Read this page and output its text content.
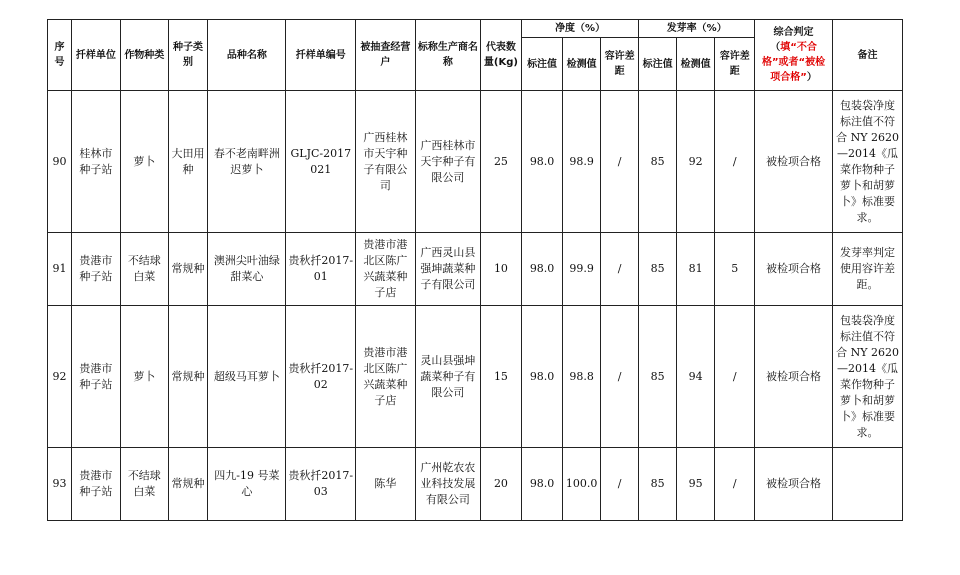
序号	扦样单位	作物种类	种子类别	品种名称	扦样单编号	被抽查经营户	标称生产商名称	代表数量(Kg)	净度（%）			发芽率（%）			综合判定（填“不合格”或者“被检项合格”）	备注
									标注值	检测值	容许差距	标注值	检测值	容许差距		
90	桂林市种子站	萝卜	大田用种	春不老南畔洲迟萝卜	GLJC-2017021	广西桂林市天宇种子有限公司	广西桂林市天宇种子有限公司	25	98.0	98.9	/	85	92	/	被检项合格	包装袋净度标注值不符合 NY 2620—2014《瓜菜作物种子萝卜和胡萝卜》标准要求。
91	贵港市种子站	不结球白菜	常规种	澳洲尖叶油绿甜菜心	贵秋扦2017-01	贵港市港北区陈广兴蔬菜种子店	广西灵山县强坤蔬菜种子有限公司	10	98.0	99.9	/	85	81	5	被检项合格	发芽率判定使用容许差距。
92	贵港市种子站	萝卜	常规种	超级马耳萝卜	贵秋扦2017-02	贵港市港北区陈广兴蔬菜种子店	灵山县强坤蔬菜种子有限公司	15	98.0	98.8	/	85	94	/	被检项合格	包装袋净度标注值不符合 NY 2620—2014《瓜菜作物种子萝卜和胡萝卜》标准要求。
93	贵港市种子站	不结球白菜	常规种	四九-19 号菜心	贵秋扦2017-03	陈华	广州乾农农业科技发展有限公司	20	98.0	100.0	/	85	95	/	被检项合格	
